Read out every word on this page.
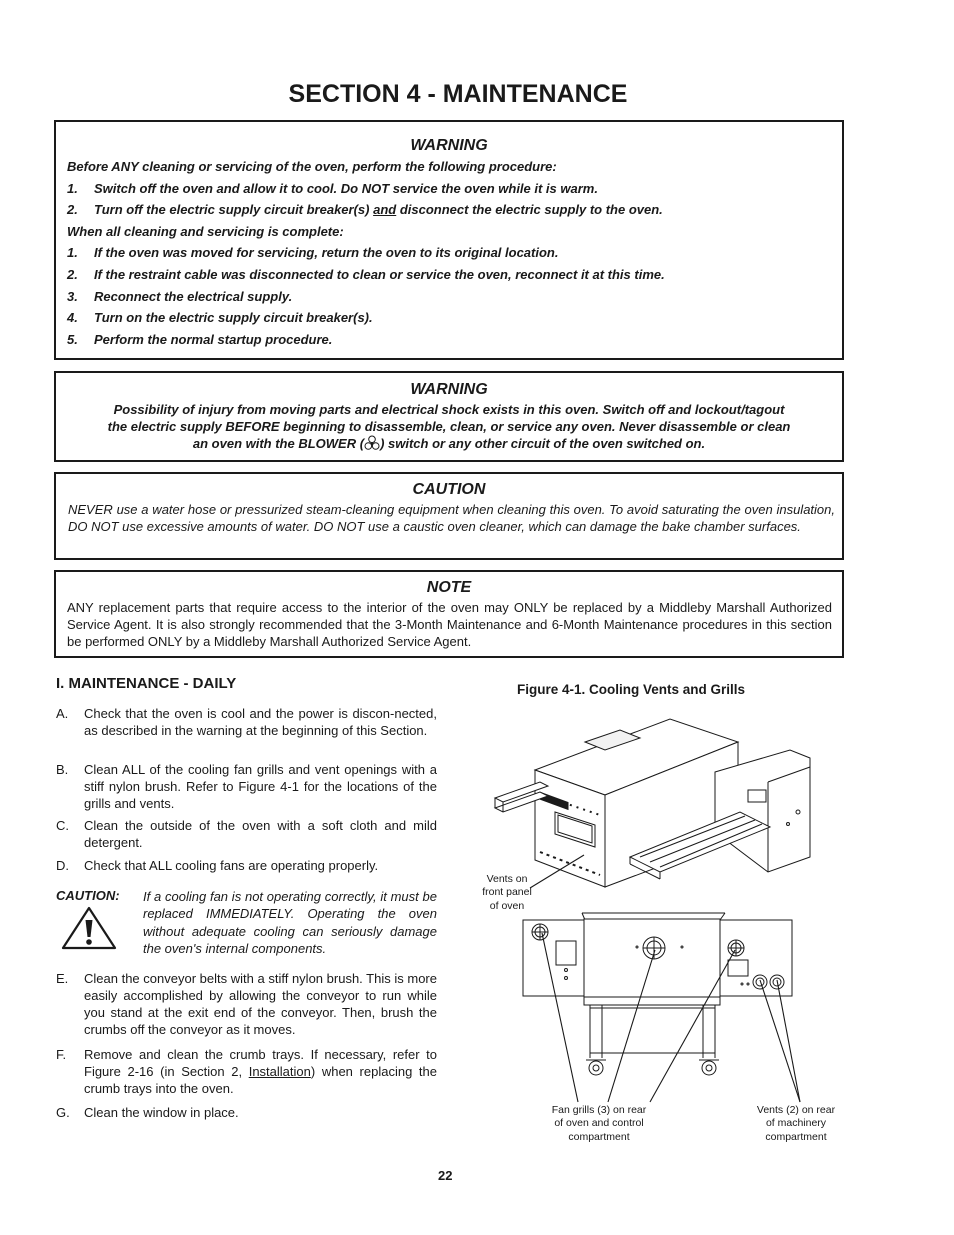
SECTION 4 - MAINTENANCE
WARNING

Before ANY cleaning or servicing of the oven, perform the following procedure:

1. Switch off the oven and allow it to cool. Do NOT service the oven while it is warm.

2. Turn off the electric supply circuit breaker(s) and disconnect the electric supply to the oven.

When all cleaning and servicing is complete:

1. If the oven was moved for servicing, return the oven to its original location.

2. If the restraint cable was disconnected to clean or service the oven, reconnect it at this time.

3. Reconnect the electrical supply.

4. Turn on the electric supply circuit breaker(s).

5. Perform the normal startup procedure.

WARNING
Possibility of injury from moving parts and electrical shock exists in this oven. Switch off and lockout/tagout
the electric supply BEFORE beginning to disassemble, clean, or service any oven. Never disassemble or clean
an oven with the BLOWER ( ) switch or any other circuit of the oven switched on.
CAUTION
NEVER use a water hose or pressurized steam-cleaning equipment when cleaning this oven. To avoid saturating the oven insulation, DO NOT use excessive amounts of water. DO NOT use a caustic oven cleaner, which can damage the bake chamber surfaces.
NOTE
ANY replacement parts that require access to the interior of the oven may ONLY be replaced by a Middleby Marshall Authorized Service Agent. It is also strongly recommended that the 3-Month Maintenance and 6-Month Maintenance procedures in this section be performed ONLY by a Middleby Marshall Authorized Service Agent.
I. MAINTENANCE - DAILY
A. Check that the oven is cool and the power is discon-nected, as described in the warning at the beginning of this Section.
B. Clean ALL of the cooling fan grills and vent openings with a stiff nylon brush. Refer to Figure 4-1 for the locations of the grills and vents.
C. Clean the outside of the oven with a soft cloth and mild detergent.
D. Check that ALL cooling fans are operating properly.
CAUTION: If a cooling fan is not operating correctly, it must be replaced IMMEDIATELY. Operating the oven without adequate cooling can seriously damage the oven's internal components.
E. Clean the conveyor belts with a stiff nylon brush. This is more easily accomplished by allowing the conveyor to run while you stand at the exit end of the conveyor. Then, brush the crumbs off the conveyor as it moves.
F. Remove and clean the crumb trays. If necessary, refer to Figure 2-16 (in Section 2, Installation) when replacing the crumb trays into the oven.
G. Clean the window in place.
Figure 4-1. Cooling Vents and Grills
Vents on
front panel
of oven
Fan grills (3) on rear
of oven and control
compartment
Vents (2) on rear
of machinery
compartment
22
